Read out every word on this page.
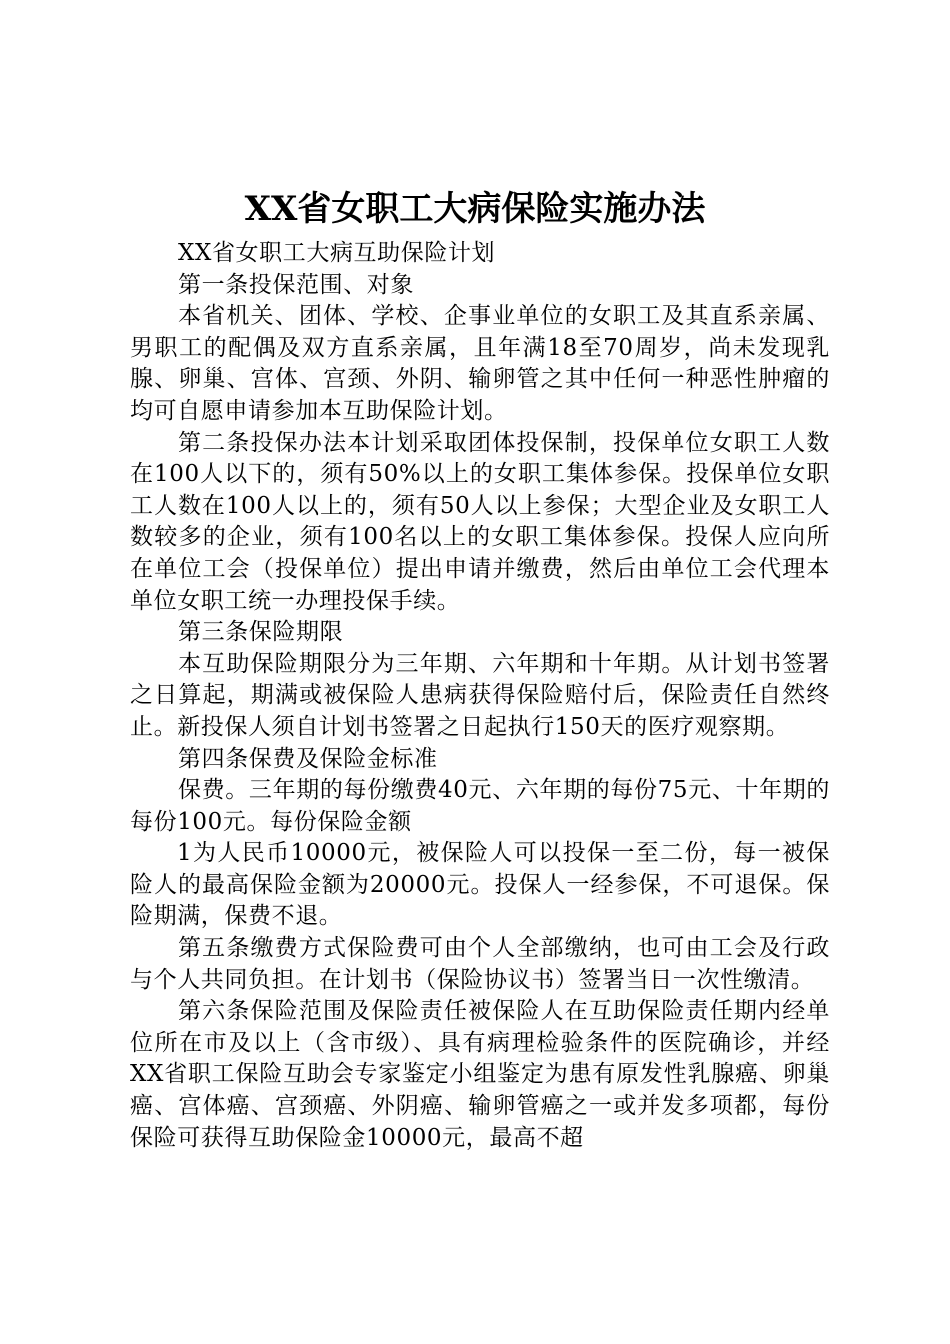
XX省女职工大病保险实施办法

XX省女职工大病互助保险计划

第一条投保范围、对象

本省机关、团体、学校、企事业单位的女职工及其直系亲属、男职工的配偶及双方直系亲属，且年满18至70周岁，尚未发现乳腺、卵巢、宫体、宫颈、外阴、输卵管之其中任何一种恶性肿瘤的均可自愿申请参加本互助保险计划。

第二条投保办法本计划采取团体投保制，投保单位女职工人数在100人以下的，须有50%以上的女职工集体参保。投保单位女职工人数在100人以上的，须有50人以上参保；大型企业及女职工人数较多的企业，须有100名以上的女职工集体参保。投保人应向所在单位工会（投保单位）提出申请并缴费，然后由单位工会代理本单位女职工统一办理投保手续。

第三条保险期限

本互助保险期限分为三年期、六年期和十年期。从计划书签署之日算起，期满或被保险人患病获得保险赔付后，保险责任自然终止。新投保人须自计划书签署之日起执行150天的医疗观察期。

第四条保费及保险金标准

保费。三年期的每份缴费40元、六年期的每份75元、十年期的每份100元。每份保险金额

1为人民币10000元，被保险人可以投保一至二份，每一被保险人的最高保险金额为20000元。投保人一经参保，不可退保。保险期满，保费不退。

第五条缴费方式保险费可由个人全部缴纳，也可由工会及行政与个人共同负担。在计划书（保险协议书）签署当日一次性缴清。

第六条保险范围及保险责任被保险人在互助保险责任期内经单位所在市及以上（含市级）、具有病理检验条件的医院确诊，并经XX省职工保险互助会专家鉴定小组鉴定为患有原发性乳腺癌、卵巢癌、宫体癌、宫颈癌、外阴癌、输卵管癌之一或并发多项都，每份保险可获得互助保险金10000元，最高不超
